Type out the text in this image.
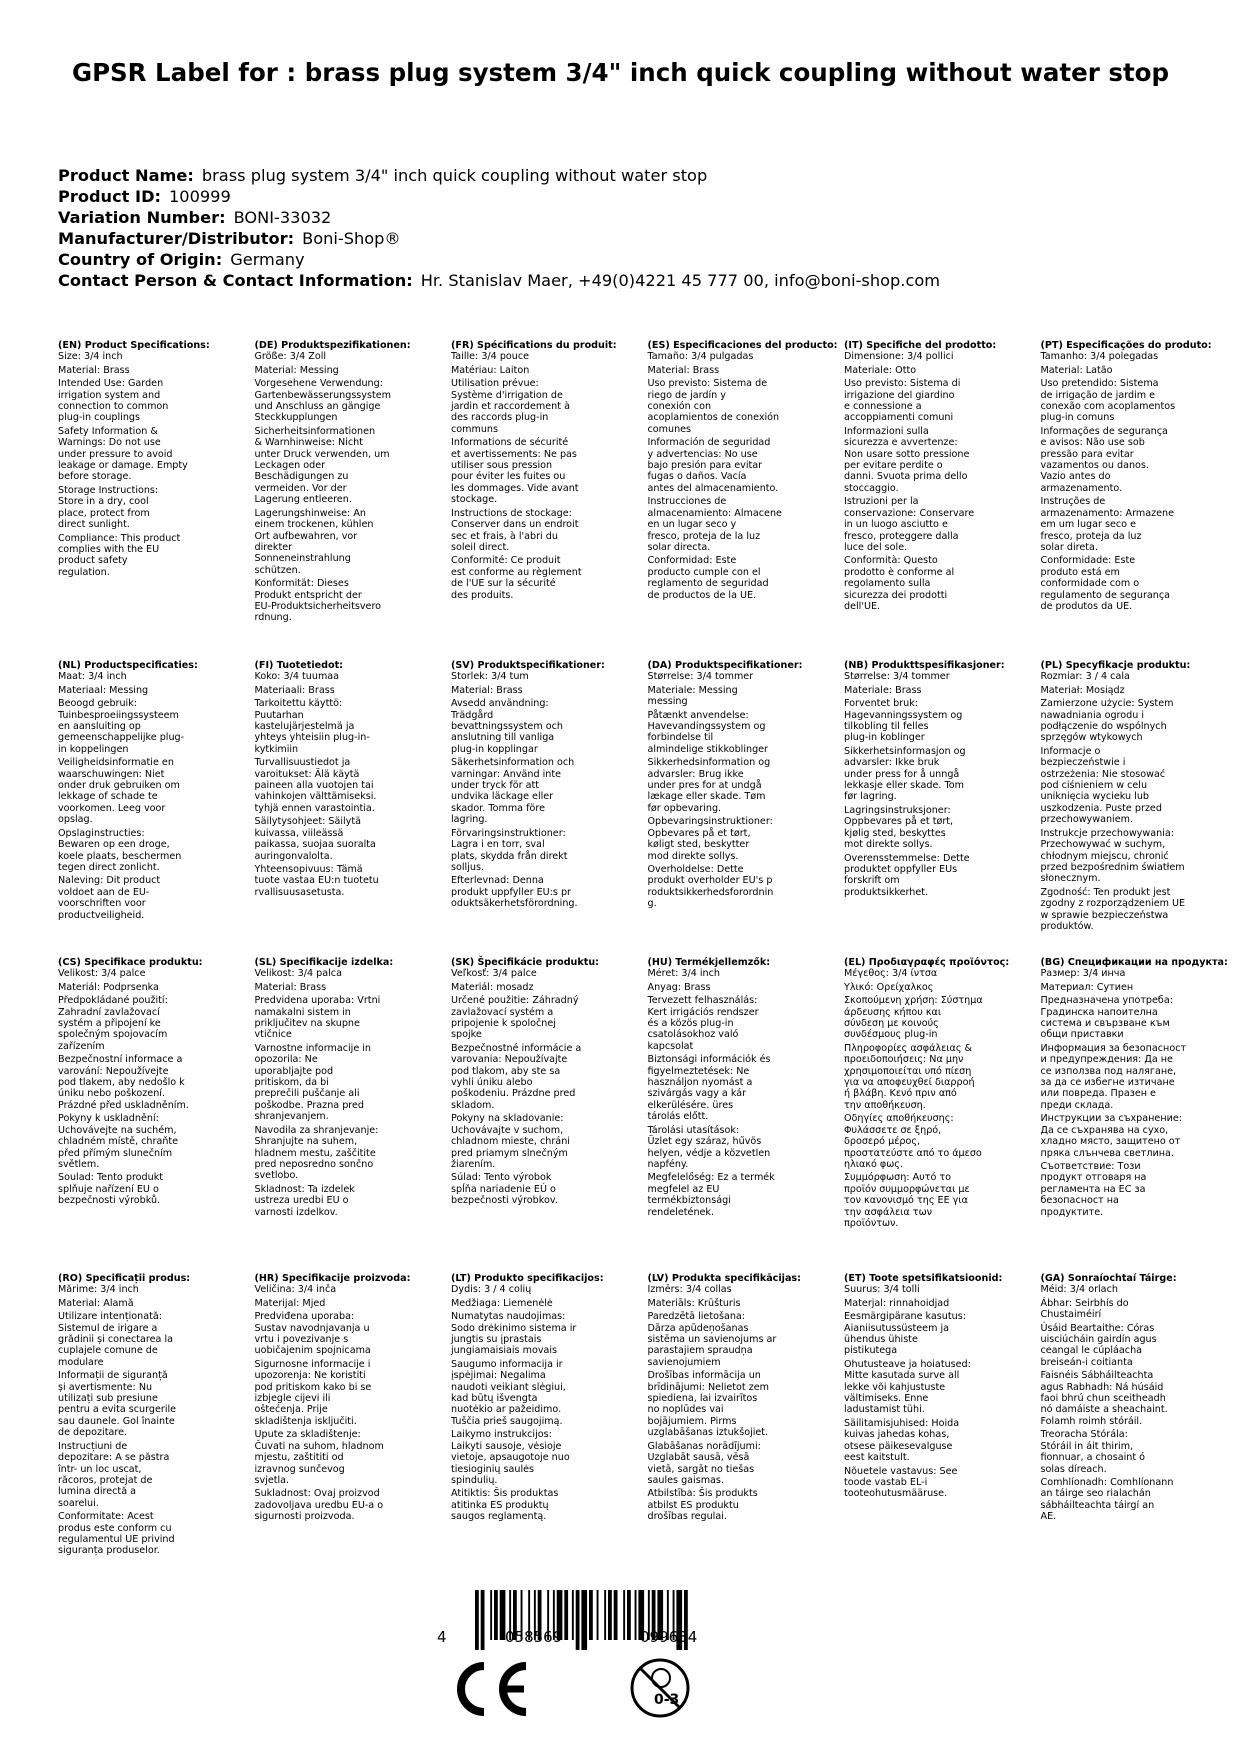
GPSR Label for : brass plug system 3/4" inch quick coupling without water stop
Product Name: brass plug system 3/4" inch quick coupling without water stop
Product ID: 100999
Variation Number: BONI-33032
Manufacturer/Distributor: Boni-Shop®
Country of Origin: Germany
Contact Person & Contact Information: Hr. Stanislav Maer, +49(0)4221 45 777 00, info@boni-shop.com
(EN) Product Specifications:

Size: 3/4 inch

Material: Brass

Intended Use: Garden
irrigation system and
connection to common
plug-in couplings

Safety Information &
Warnings: Do not use
under pressure to avoid
leakage or damage. Empty
before storage.

Storage Instructions:
Store in a dry, cool
place, protect from
direct sunlight.

Compliance: This product
complies with the EU
product safety
regulation.

(DE) Produktspezifikationen:

Größe: 3/4 Zoll

Material: Messing

Vorgesehene Verwendung:
Gartenbewässerungssystem
und Anschluss an gängige
Steckkupplungen

Sicherheitsinformationen
& Warnhinweise: Nicht
unter Druck verwenden, um
Leckagen oder
Beschädigungen zu
vermeiden. Vor der
Lagerung entleeren.

Lagerungshinweise: An
einem trockenen, kühlen
Ort aufbewahren, vor
direkter
Sonneneinstrahlung
schützen.

Konformität: Dieses
Produkt entspricht der
EU-Produktsicherheitsvero
rdnung.

(FR) Spécifications du produit:

Taille: 3/4 pouce

Matériau: Laiton

Utilisation prévue:
Système d'irrigation de
jardin et raccordement à
des raccords plug-in
communs

Informations de sécurité
et avertissements: Ne pas
utiliser sous pression
pour éviter les fuites ou
les dommages. Vide avant
stockage.

Instructions de stockage:
Conserver dans un endroit
sec et frais, à l'abri du
soleil direct.

Conformité: Ce produit
est conforme au règlement
de l'UE sur la sécurité
des produits.

(ES) Especificaciones del producto:

Tamaño: 3/4 pulgadas

Material: Brass

Uso previsto: Sistema de
riego de jardín y
conexión con
acoplamientos de conexión
comunes

Información de seguridad
y advertencias: No use
bajo presión para evitar
fugas o daños. Vacía
antes del almacenamiento.

Instrucciones de
almacenamiento: Almacene
en un lugar seco y
fresco, proteja de la luz
solar directa.

Conformidad: Este
producto cumple con el
reglamento de seguridad
de productos de la UE.

(IT) Specifiche del prodotto:

Dimensione: 3/4 pollici

Materiale: Otto

Uso previsto: Sistema di
irrigazione del giardino
e connessione a
accoppiamenti comuni

Informazioni sulla
sicurezza e avvertenze:
Non usare sotto pressione
per evitare perdite o
danni. Svuota prima dello
stoccaggio.

Istruzioni per la
conservazione: Conservare
in un luogo asciutto e
fresco, proteggere dalla
luce del sole.

Conformità: Questo
prodotto è conforme al
regolamento sulla
sicurezza dei prodotti
dell'UE.

(PT) Especificações do produto:

Tamanho: 3/4 polegadas

Material: Latão

Uso pretendido: Sistema
de irrigação de jardim e
conexão com acoplamentos
plug-in comuns

Informações de segurança
e avisos: Não use sob
pressão para evitar
vazamentos ou danos.
Vazio antes do
armazenamento.

Instruções de
armazenamento: Armazene
em um lugar seco e
fresco, proteja da luz
solar direta.

Conformidade: Este
produto está em
conformidade com o
regulamento de segurança
de produtos da UE.

(NL) Productspecificaties:

Maat: 3/4 inch

Materiaal: Messing

Beoogd gebruik:
Tuinbesproeiingssysteem
en aansluiting op
gemeenschappelijke plug-
in koppelingen

Veiligheidsinformatie en
waarschuwingen: Niet
onder druk gebruiken om
lekkage of schade te
voorkomen. Leeg voor
opslag.

Opslaginstructies:
Bewaren op een droge,
koele plaats, beschermen
tegen direct zonlicht.

Naleving: Dit product
voldoet aan de EU-
voorschriften voor
productveiligheid.

(FI) Tuotetiedot:

Koko: 3/4 tuumaa

Materiaali: Brass

Tarkoitettu käyttö:
Puutarhan
kastelujärjestelmä ja
yhteys yhteisiin plug-in-
kytkimiin

Turvallisuustiedot ja
varoitukset: Älä käytä
paineen alla vuotojen tai
vahinkojen välttämiseksi.
tyhjä ennen varastointia.

Säilytysohjeet: Säilytä
kuivassa, viileässä
paikassa, suojaa suoralta
auringonvalolta.

Yhteensopivuus: Tämä
tuote vastaa EU:n tuotetu
rvallisuusasetusta.

(SV) Produktspecifikationer:

Storlek: 3/4 tum

Material: Brass

Avsedd användning:
Trädgård
bevattningssystem och
anslutning till vanliga
plug-in kopplingar

Säkerhetsinformation och
varningar: Använd inte
under tryck för att
undvika läckage eller
skador. Tomma före
lagring.

Förvaringsinstruktioner:
Lagra i en torr, sval
plats, skydda från direkt
solljus.

Efterlevnad: Denna
produkt uppfyller EU:s pr
oduktsäkerhetsförordning.

(DA) Produktspecifikationer:

Størrelse: 3/4 tommer

Materiale: Messing
messing

Påtænkt anvendelse:
Havevandingssystem og
forbindelse til
almindelige stikkoblinger

Sikkerhedsinformation og
advarsler: Brug ikke
under pres for at undgå
lækage eller skade. Tøm
før opbevaring.

Opbevaringsinstruktioner:
Opbevares på et tørt,
køligt sted, beskytter
mod direkte sollys.

Overholdelse: Dette
produkt overholder EU's p
roduktsikkerhedsforordnin
g.

(NB) Produkttspesifikasjoner:

Størrelse: 3/4 tommer

Materiale: Brass

Forventet bruk:
Hagevanningssystem og
tilkobling til felles
plug-in koblinger

Sikkerhetsinformasjon og
advarsler: Ikke bruk
under press for å unngå
lekkasje eller skade. Tom
før lagring.

Lagringsinstruksjoner:
Oppbevares på et tørt,
kjølig sted, beskyttes
mot direkte sollys.

Overensstemmelse: Dette
produktet oppfyller EUs
forskrift om
produktsikkerhet.

(PL) Specyfikacje produktu:

Rozmiar: 3 / 4 cala

Materiał: Mosiądz

Zamierzone użycie: System
nawadniania ogrodu i
podłączenie do wspólnych
sprzęgów wtykowych

Informacje o
bezpieczeństwie i
ostrzeżenia: Nie stosować
pod ciśnieniem w celu
uniknięcia wycieku lub
uszkodzenia. Puste przed
przechowywaniem.

Instrukcje przechowywania:
Przechowywać w suchym,
chłodnym miejscu, chronić
przed bezpośrednim światłem
słonecznym.

Zgodność: Ten produkt jest
zgodny z rozporządzeniem UE
w sprawie bezpieczeństwa
produktów.

(CS) Specifikace produktu:

Velikost: 3/4 palce

Materiál: Podprsenka

Předpokládané použití:
Zahradní zavlažovací
systém a připojení ke
společným spojovacím
zařízením

Bezpečnostní informace a
varování: Nepoužívejte
pod tlakem, aby nedošlo k
úniku nebo poškození.
Prázdné před uskladněním.

Pokyny k uskladnění:
Uchovávejte na suchém,
chladném místě, chraňte
před přímým slunečním
světlem.

Soulad: Tento produkt
splňuje nařízení EU o
bezpečnosti výrobků.

(SL) Specifikacije izdelka:

Velikost: 3/4 palca

Material: Brass

Predvidena uporaba: Vrtni
namakalni sistem in
priključitev na skupne
vtičnice

Varnostne informacije in
opozorila: Ne
uporabljajte pod
pritiskom, da bi
preprečili puščanje ali
poškodbe. Prazna pred
shranjevanjem.

Navodila za shranjevanje:
Shranjujte na suhem,
hladnem mestu, zaščitite
pred neposredno sončno
svetlobo.

Skladnost: Ta izdelek
ustreza uredbi EU o
varnosti izdelkov.

(SK) Špecifikácie produktu:

Veľkosť: 3/4 palce

Materiál: mosadz

Určené použitie: Záhradný
zavlažovací systém a
pripojenie k spoločnej
spojke

Bezpečnostné informácie a
varovania: Nepoužívajte
pod tlakom, aby ste sa
vyhli úniku alebo
poškodeniu. Prázdne pred
skladom.

Pokyny na skladovanie:
Uchovávajte v suchom,
chladnom mieste, chráni
pred priamym slnečným
žiarením.

Súlad: Tento výrobok
spĺňa nariadenie EÚ o
bezpečnosti výrobkov.

(HU) Termékjellemzők:

Méret: 3/4 inch

Anyag: Brass

Tervezett felhasználás:
Kert irrigációs rendszer
és a közös plug-in
csatolásokhoz való
kapcsolat

Biztonsági információk és
figyelmeztetések: Ne
használjon nyomást a
szivárgás vagy a kár
elkerülésére. üres
tárolás előtt.

Tárolási utasítások:
Üzlet egy száraz, hűvös
helyen, védje a közvetlen
napfény.

Megfelelőség: Ez a termék
megfelel az EU
termékbiztonsági
rendeletének.

(EL) Προδιαγραφές προϊόντος:

Μέγεθος: 3/4 ίντσα

Υλικό: Ορείχαλκος

Σκοπούμενη χρήση: Σύστημα
άρδευσης κήπου και
σύνδεση με κοινούς
συνδέσμους plug-in

Πληροφορίες ασφάλειας &
προειδοποιήσεις: Να μην
χρησιμοποιείται υπό πίεση
για να αποφευχθεί διαρροή
ή βλάβη. Κενό πριν από
την αποθήκευση.

Οδηγίες αποθήκευσης:
Φυλάσσετε σε ξηρό,
δροσερό μέρος,
προστατεύστε από το άμεσο
ηλιακό φως.

Συμμόρφωση: Αυτό το
προϊόν συμμορφώνεται με
τον κανονισμό της ΕΕ για
την ασφάλεια των
προϊόντων.

(BG) Спецификации на продукта:

Размер: 3/4 инча

Материал: Сутиен

Предназначена употреба:
Градинска напоителна
система и свързване към
общи приставки

Информация за безопасност
и предупреждения: Да не
се използва под налягане,
за да се избегне изтичане
или повреда. Празен е
преди склада.

Инструкции за съхранение:
Да се съхранява на сухо,
хладно място, защитено от
пряка слънчева светлина.

Съответствие: Този
продукт отговаря на
регламента на ЕС за
безопасност на
продуктите.

(RO) Specificații produs:

Mărime: 3/4 inch

Material: Alamă

Utilizare intenționată:
Sistemul de irigare a
grădinii și conectarea la
cuplajele comune de
modulare

Informații de siguranță
și avertismente: Nu
utilizați sub presiune
pentru a evita scurgerile
sau daunele. Gol înainte
de depozitare.

Instrucțiuni de
depozitare: A se păstra
într- un loc uscat,
răcoros, protejat de
lumina directă a
soarelui.

Conformitate: Acest
produs este conform cu
regulamentul UE privind
siguranța produselor.

(HR) Specifikacije proizvoda:

Veličina: 3/4 inča

Materijal: Mjed

Predviđena uporaba:
Sustav navodnjavanja u
vrtu i povezivanje s
uobičajenim spojnicama

Sigurnosne informacije i
upozorenja: Ne koristiti
pod pritiskom kako bi se
izbjegle cijevi ili
oštećenja. Prije
skladištenja isključiti.

Upute za skladištenje:
Čuvati na suhom, hladnom
mjestu, zaštititi od
izravnog sunčevog
svjetla.

Sukladnost: Ovaj proizvod
zadovoljava uredbu EU-a o
sigurnosti proizvoda.

(LT) Produkto specifikacijos:

Dydis: 3 / 4 colių

Medžiaga: Liemenėlė

Numatytas naudojimas:
Sodo drėkinimo sistema ir
jungtis su įprastais
jungiamaisiais movais

Saugumo informacija ir
įspėjimai: Negalima
naudoti veikiant slėgiui,
kad būtų išvengta
nuotėkio ar pažeidimo.
Tuščia prieš saugojimą.

Laikymo instrukcijos:
Laikyti sausoje, vėsioje
vietoje, apsaugotoje nuo
tiesioginių saulės
spindulių.

Atitiktis: Šis produktas
atitinka ES produktų
saugos reglamentą.

(LV) Produkta specifikācijas:

Izmērs: 3/4 collas

Materiāls: Krūšturis

Paredzētā lietošana:
Dārza apūdeņošanas
sistēma un savienojums ar
parastajiem spraudņa
savienojumiem

Drošības informācija un
brīdinājumi: Nelietot zem
spiediena, lai izvairītos
no noplūdes vai
bojājumiem. Pirms
uzglabāšanas iztukšojiet.

Glabāšanas norādījumi:
Uzglabāt sausā, vēsā
vietā, sargāt no tiešas
saules gaismas.

Atbilstība: Šis produkts
atbilst ES produktu
drošības regulai.

(ET) Toote spetsifikatsioonid:

Suurus: 3/4 tolli

Materjal: rinnahoidjad

Eesmärgipärane kasutus:
Aianiisutussüsteem ja
ühendus ühiste
pistikutega

Ohutusteave ja hoiatused:
Mitte kasutada surve all
lekke või kahjustuste
vältimiseks. Enne
ladustamist tühi.

Säilitamisjuhised: Hoida
kuivas jahedas kohas,
otsese päikesevalguse
eest kaitstult.

Nõuetele vastavus: See
toode vastab EL-i
tooteohutusmääruse.

(GA) Sonraíochtaí Táirge:

Méid: 3/4 orlach

Ábhar: Seirbhís do
Chustaiméirí

Úsáid Beartaithe: Córas
uisciúcháin gairdín agus
ceangal le cúpláacha
breiseán-i coitianta

Faisnéis Sábháilteachta
agus Rabhadh: Ná húsáid
faoi bhrú chun sceitheadh
nó damáiste a sheachaint.
Folamh roimh stóráil.

Treoracha Stórála:
Stóráil in áit thirim,
fionnuar, a chosaint ó
solas díreach.

Comhlíonadh: Comhlíonann
an táirge seo rialachán
sábháilteachta táirgí an
AE.

4	058569	099634
0-3
